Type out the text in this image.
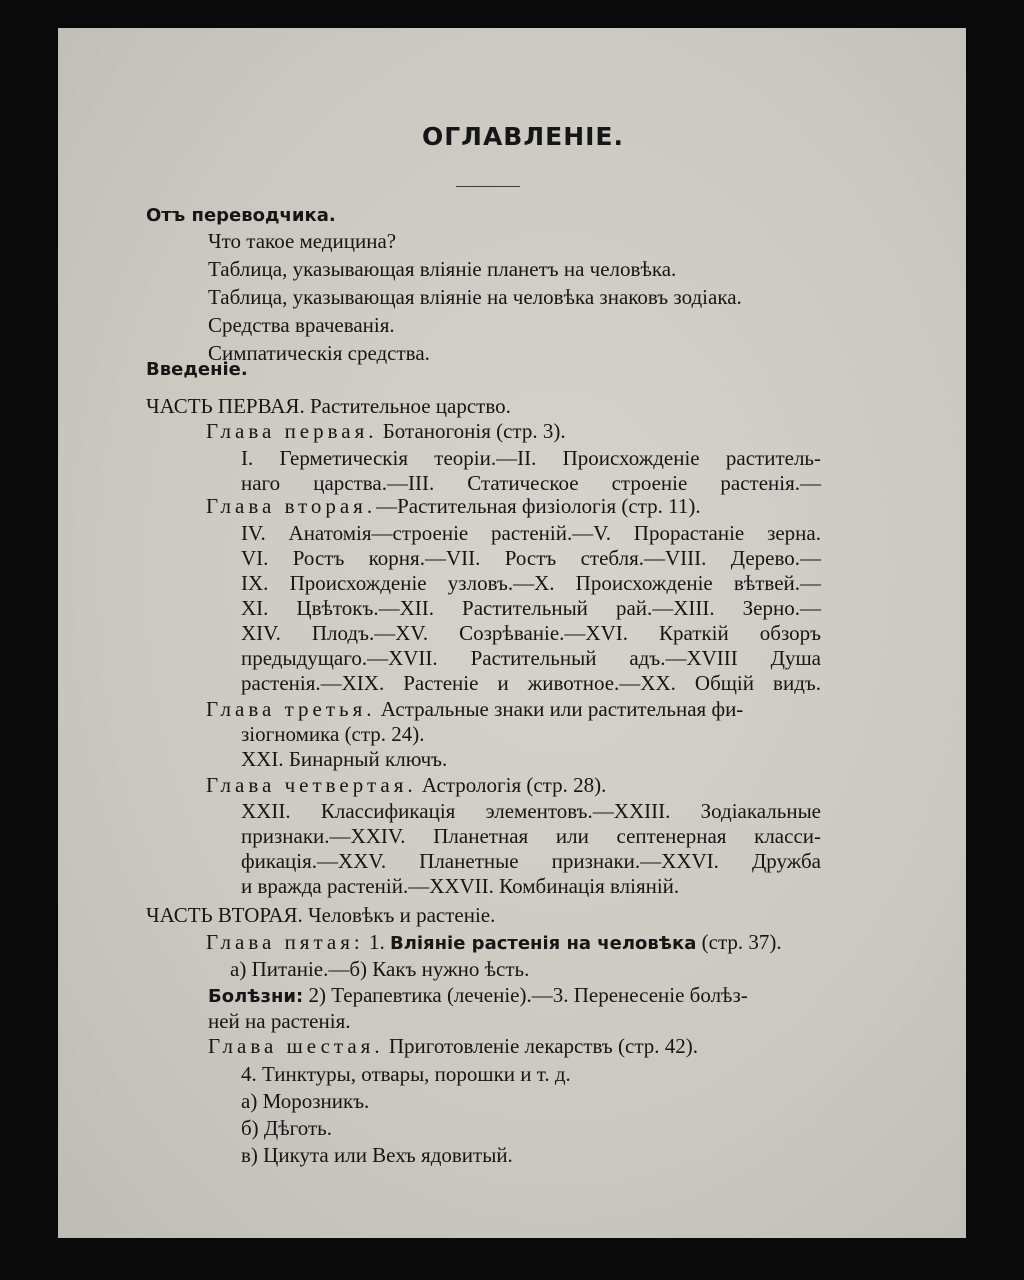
ОГЛАВЛЕНІЕ.
Отъ переводчика.
Что такое медицина?
Таблица, указывающая вліяніе планетъ на человѣка.
Таблица, указывающая вліяніе на человѣка знаковъ зодіака.
Средства врачеванія.
Симпатическія средства.
Введеніе.
ЧАСТЬ ПЕРВАЯ. Растительное царство.
Глава первая. Ботаногонія (стр. 3).
I. Герметическія теоріи.—II. Происхожденіе раститель-
наго царства.—III. Статическое строеніе растенія.—
Глава вторая.—Растительная физіологія (стр. 11).
IV. Анатомія—строеніе растеній.—V. Прорастаніе зерна.
VI. Ростъ корня.—VII. Ростъ стебля.—VIII. Дерево.—
IX. Происхожденіе узловъ.—X. Происхожденіе вѣтвей.—
XI. Цвѣтокъ.—XII. Растительный рай.—XIII. Зерно.—
XIV. Плодъ.—XV. Созрѣваніе.—XVI. Краткій обзоръ
предыдущаго.—XVII. Растительный адъ.—XVIII Душа
растенія.—XIX. Растеніе и животное.—XX. Общій видъ.
Глава третья. Астральные знаки или растительная фи-
зіогномика (стр. 24).
XXI. Бинарный ключъ.
Глава четвертая. Астрологія (стр. 28).
XXII. Классификація элементовъ.—XXIII. Зодіакальные
признаки.—XXIV. Планетная или септенерная класси-
фикація.—XXV. Планетные признаки.—XXVI. Дружба
и вражда растеній.—XXVII. Комбинація вліяній.
ЧАСТЬ ВТОРАЯ. Человѣкъ и растеніе.
Глава пятая: 1. Вліяніе растенія на человѣка (стр. 37).
а) Питаніе.—б) Какъ нужно ѣсть.
Болѣзни: 2) Терапевтика (леченіе).—3. Перенесеніе болѣз-
ней на растенія.
Глава шестая. Приготовленіе лекарствъ (стр. 42).
4. Тинктуры, отвары, порошки и т. д.
а) Морозникъ.
б) Дѣготь.
в) Цикута или Вехъ ядовитый.
